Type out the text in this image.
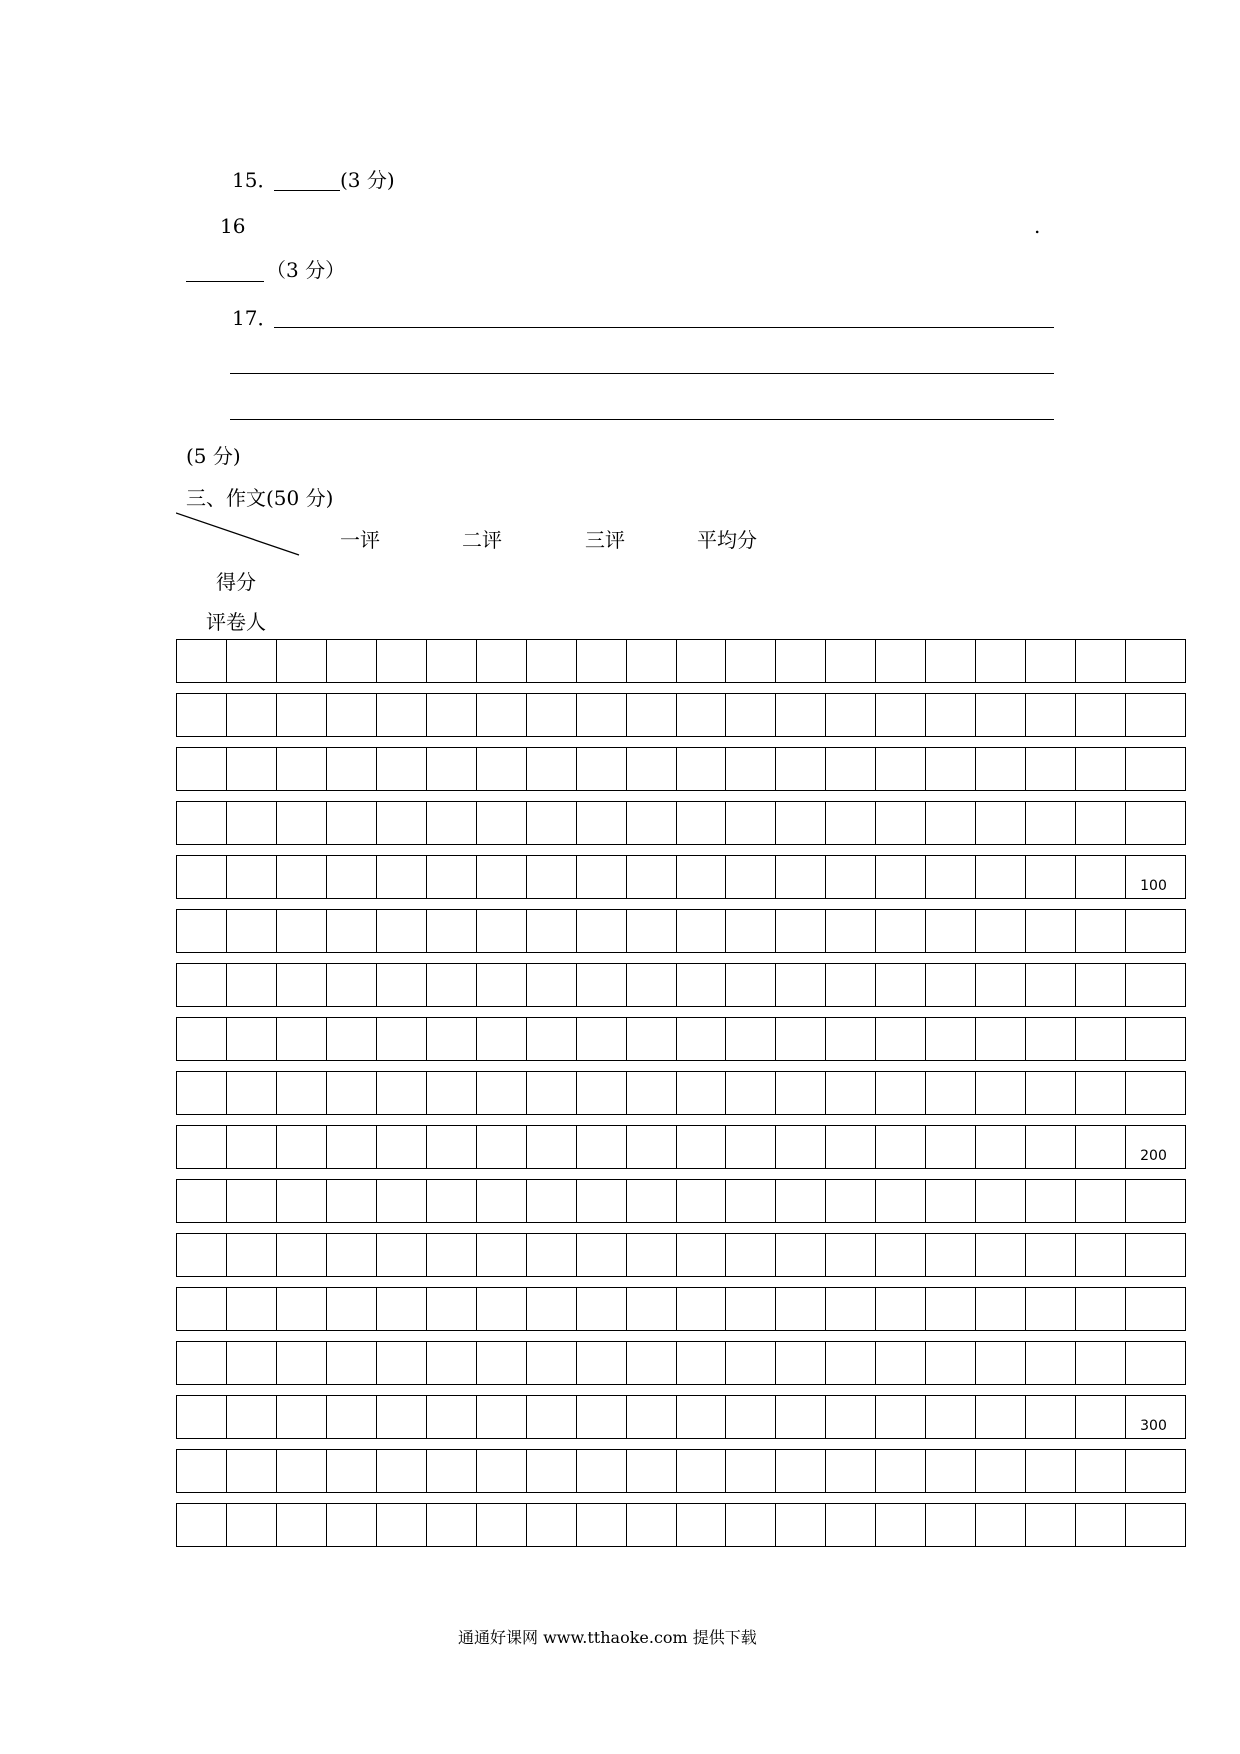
15．	(3 分)
16	.
（3 分）
17．
(5 分)
三、作文(50 分)
一评	二评	三评	平均分
得分
评卷人
100
200
300
通通好课网 www.tthaoke.com 提供下载
